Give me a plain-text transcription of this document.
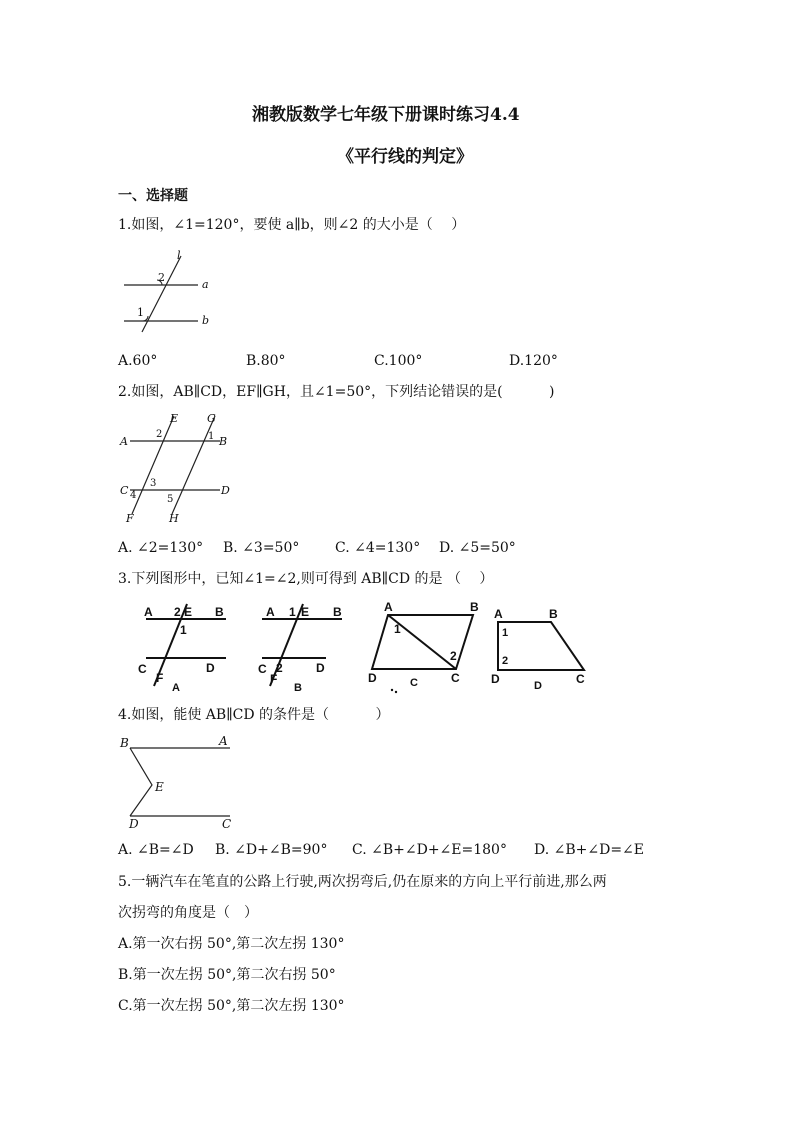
湘教版数学七年级下册课时练习4.4
《平行线的判定》
一、选择题
1.如图，∠1=120°，要使 a∥b，则∠2 的大小是（　 ）
l
a
b
2
1
A.60°	B.80°	C.100°	D.120°
2.如图，AB∥CD，EF∥GH，且∠1=50°，下列结论错误的是(　　　 )
A	B
C	D
E	G
F	H
2	1
3
4	5
A. ∠2=130° B. ∠3=50°	C. ∠4=130° D. ∠5=50°
3.下列图形中，已知∠1=∠2,则可得到 AB∥CD 的是 （　 ）
A 2 E B
1
C	D
F
A
A 1 E B
C 2	D
F
B
A	B
1
2
D	C
C
A	B
1
2
D	D	C
4.如图，能使 AB∥CD 的条件是（　　　 ）
B	A
E
D	C
A. ∠B=∠D B. ∠D+∠B=90° C. ∠B+∠D+∠E=180° D. ∠B+∠D=∠E
5.一辆汽车在笔直的公路上行驶,两次拐弯后,仍在原来的方向上平行前进,那么两
次拐弯的角度是（　）
A.第一次右拐 50°,第二次左拐 130°
B.第一次左拐 50°,第二次右拐 50°
C.第一次左拐 50°,第二次左拐 130°
